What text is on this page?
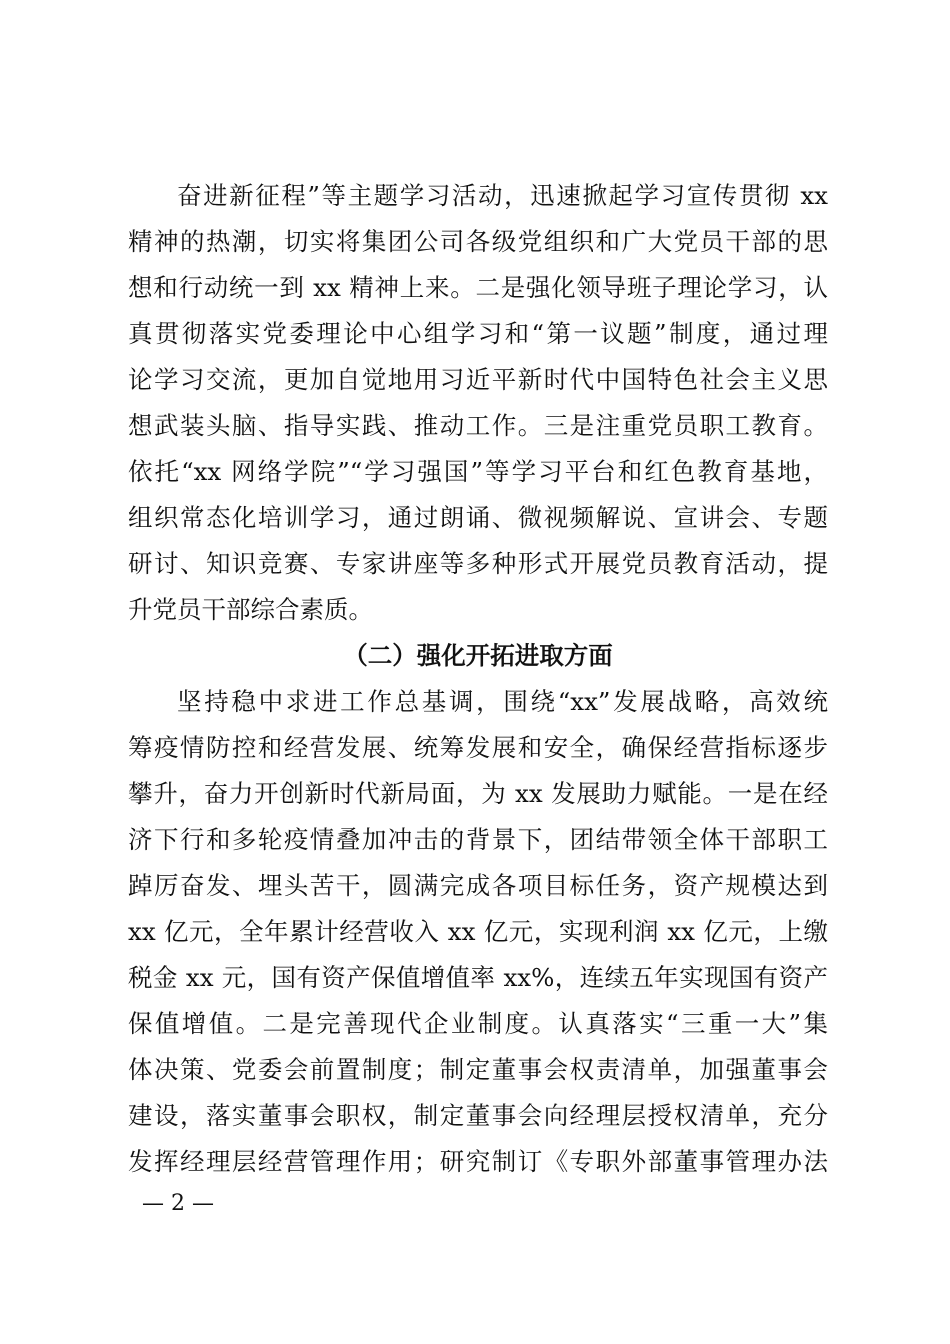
奋进新征程”等主题学习活动，迅速掀起学习宣传贯彻 xx
精神的热潮，切实将集团公司各级党组织和广大党员干部的思
想和行动统一到 xx 精神上来。二是强化领导班子理论学习，认
真贯彻落实党委理论中心组学习和“第一议题”制度，通过理
论学习交流，更加自觉地用习近平新时代中国特色社会主义思
想武装头脑、指导实践、推动工作。三是注重党员职工教育。
依托“xx 网络学院”“学习强国”等学习平台和红色教育基地，
组织常态化培训学习，通过朗诵、微视频解说、宣讲会、专题
研讨、知识竞赛、专家讲座等多种形式开展党员教育活动，提
升党员干部综合素质。
（二）强化开拓进取方面
坚持稳中求进工作总基调，围绕“xx”发展战略，高效统
筹疫情防控和经营发展、统筹发展和安全，确保经营指标逐步
攀升，奋力开创新时代新局面，为 xx 发展助力赋能。一是在经
济下行和多轮疫情叠加冲击的背景下，团结带领全体干部职工
踔厉奋发、埋头苦干，圆满完成各项目标任务，资产规模达到
xx 亿元，全年累计经营收入 xx 亿元，实现利润 xx 亿元，上缴
税金 xx 元，国有资产保值增值率 xx%，连续五年实现国有资产
保值增值。二是完善现代企业制度。认真落实“三重一大”集
体决策、党委会前置制度；制定董事会权责清单，加强董事会
建设，落实董事会职权，制定董事会向经理层授权清单，充分
发挥经理层经营管理作用；研究制订《专职外部董事管理办法
— 2 —
